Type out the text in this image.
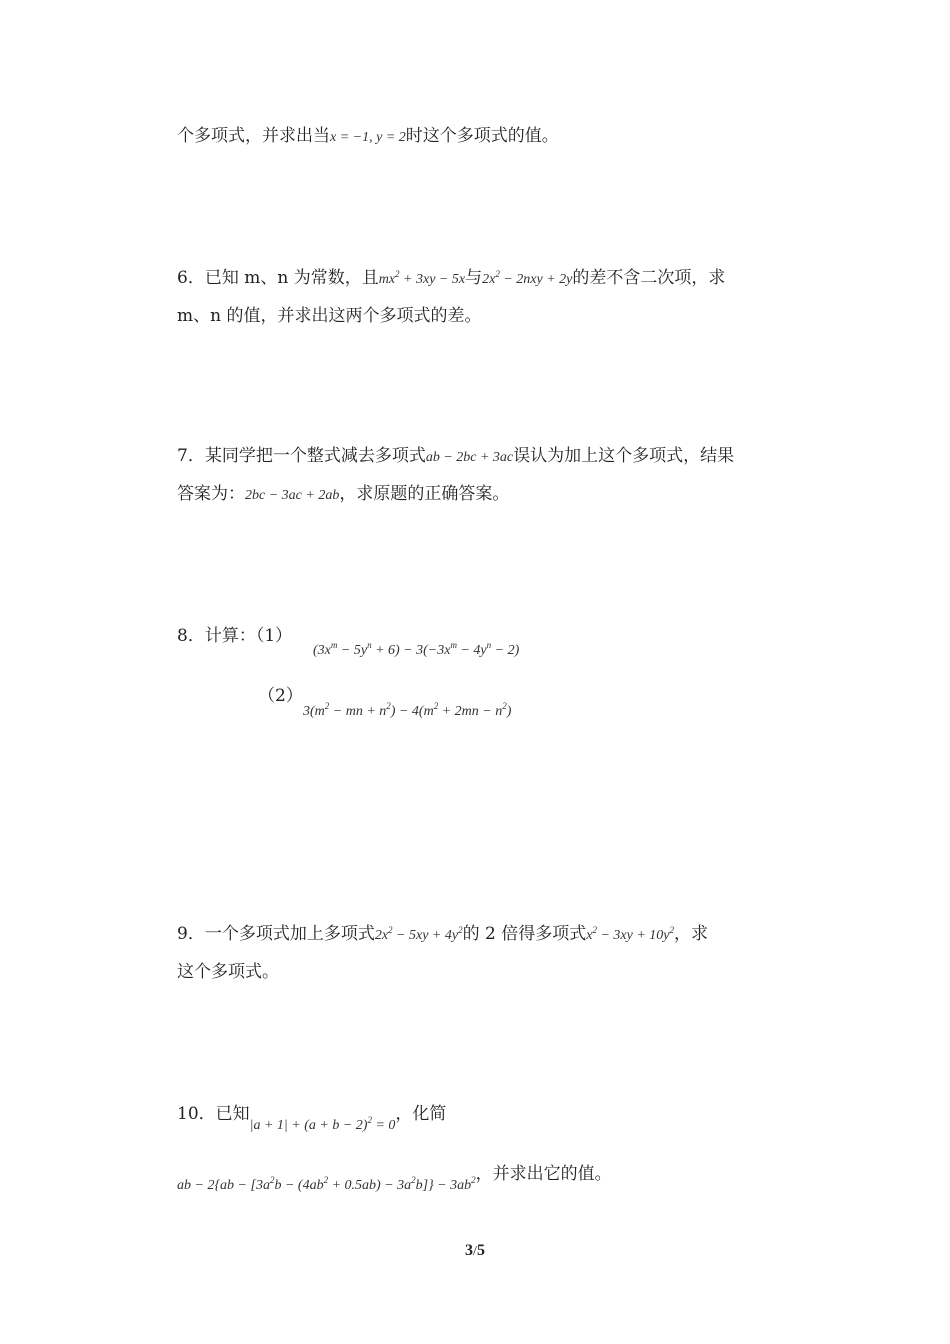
个多项式，并求出当x = −1, y = 2时这个多项式的值。
6．已知 m、n 为常数，且$mx^2 + 3xy - 5x$与$2x^2 - 2nxy + 2y$的差不含二次项，求
m、n 的值，并求出这两个多项式的差。
7．某同学把一个整式减去多项式ab − 2bc + 3ac误认为加上这个多项式，结果
答案为：2bc − 3ac + 2ab，求原题的正确答案。
8．计算：（1）
$(3x^m - 5y^n + 6) - 3(-3x^m - 4y^n - 2)$
（2）
$3(m^2$ − mn + $n^2) - 4(m^2 + 2mn - n^2)$
9．一个多项式加上多项式$2x^2 - 5xy + 4y^2$的 2 倍得多项式$x^2 - 3xy + 10y^2$，求
这个多项式。
10．已知$_{|a + 1| + (a + b - 2)^2 = 0}$，化简
$_{ab - 2\{ab - [3a^2b - (4ab^2 + 0.5ab) - 3a^2b]\} - 3ab^2}$，并求出它的值。
3/5
